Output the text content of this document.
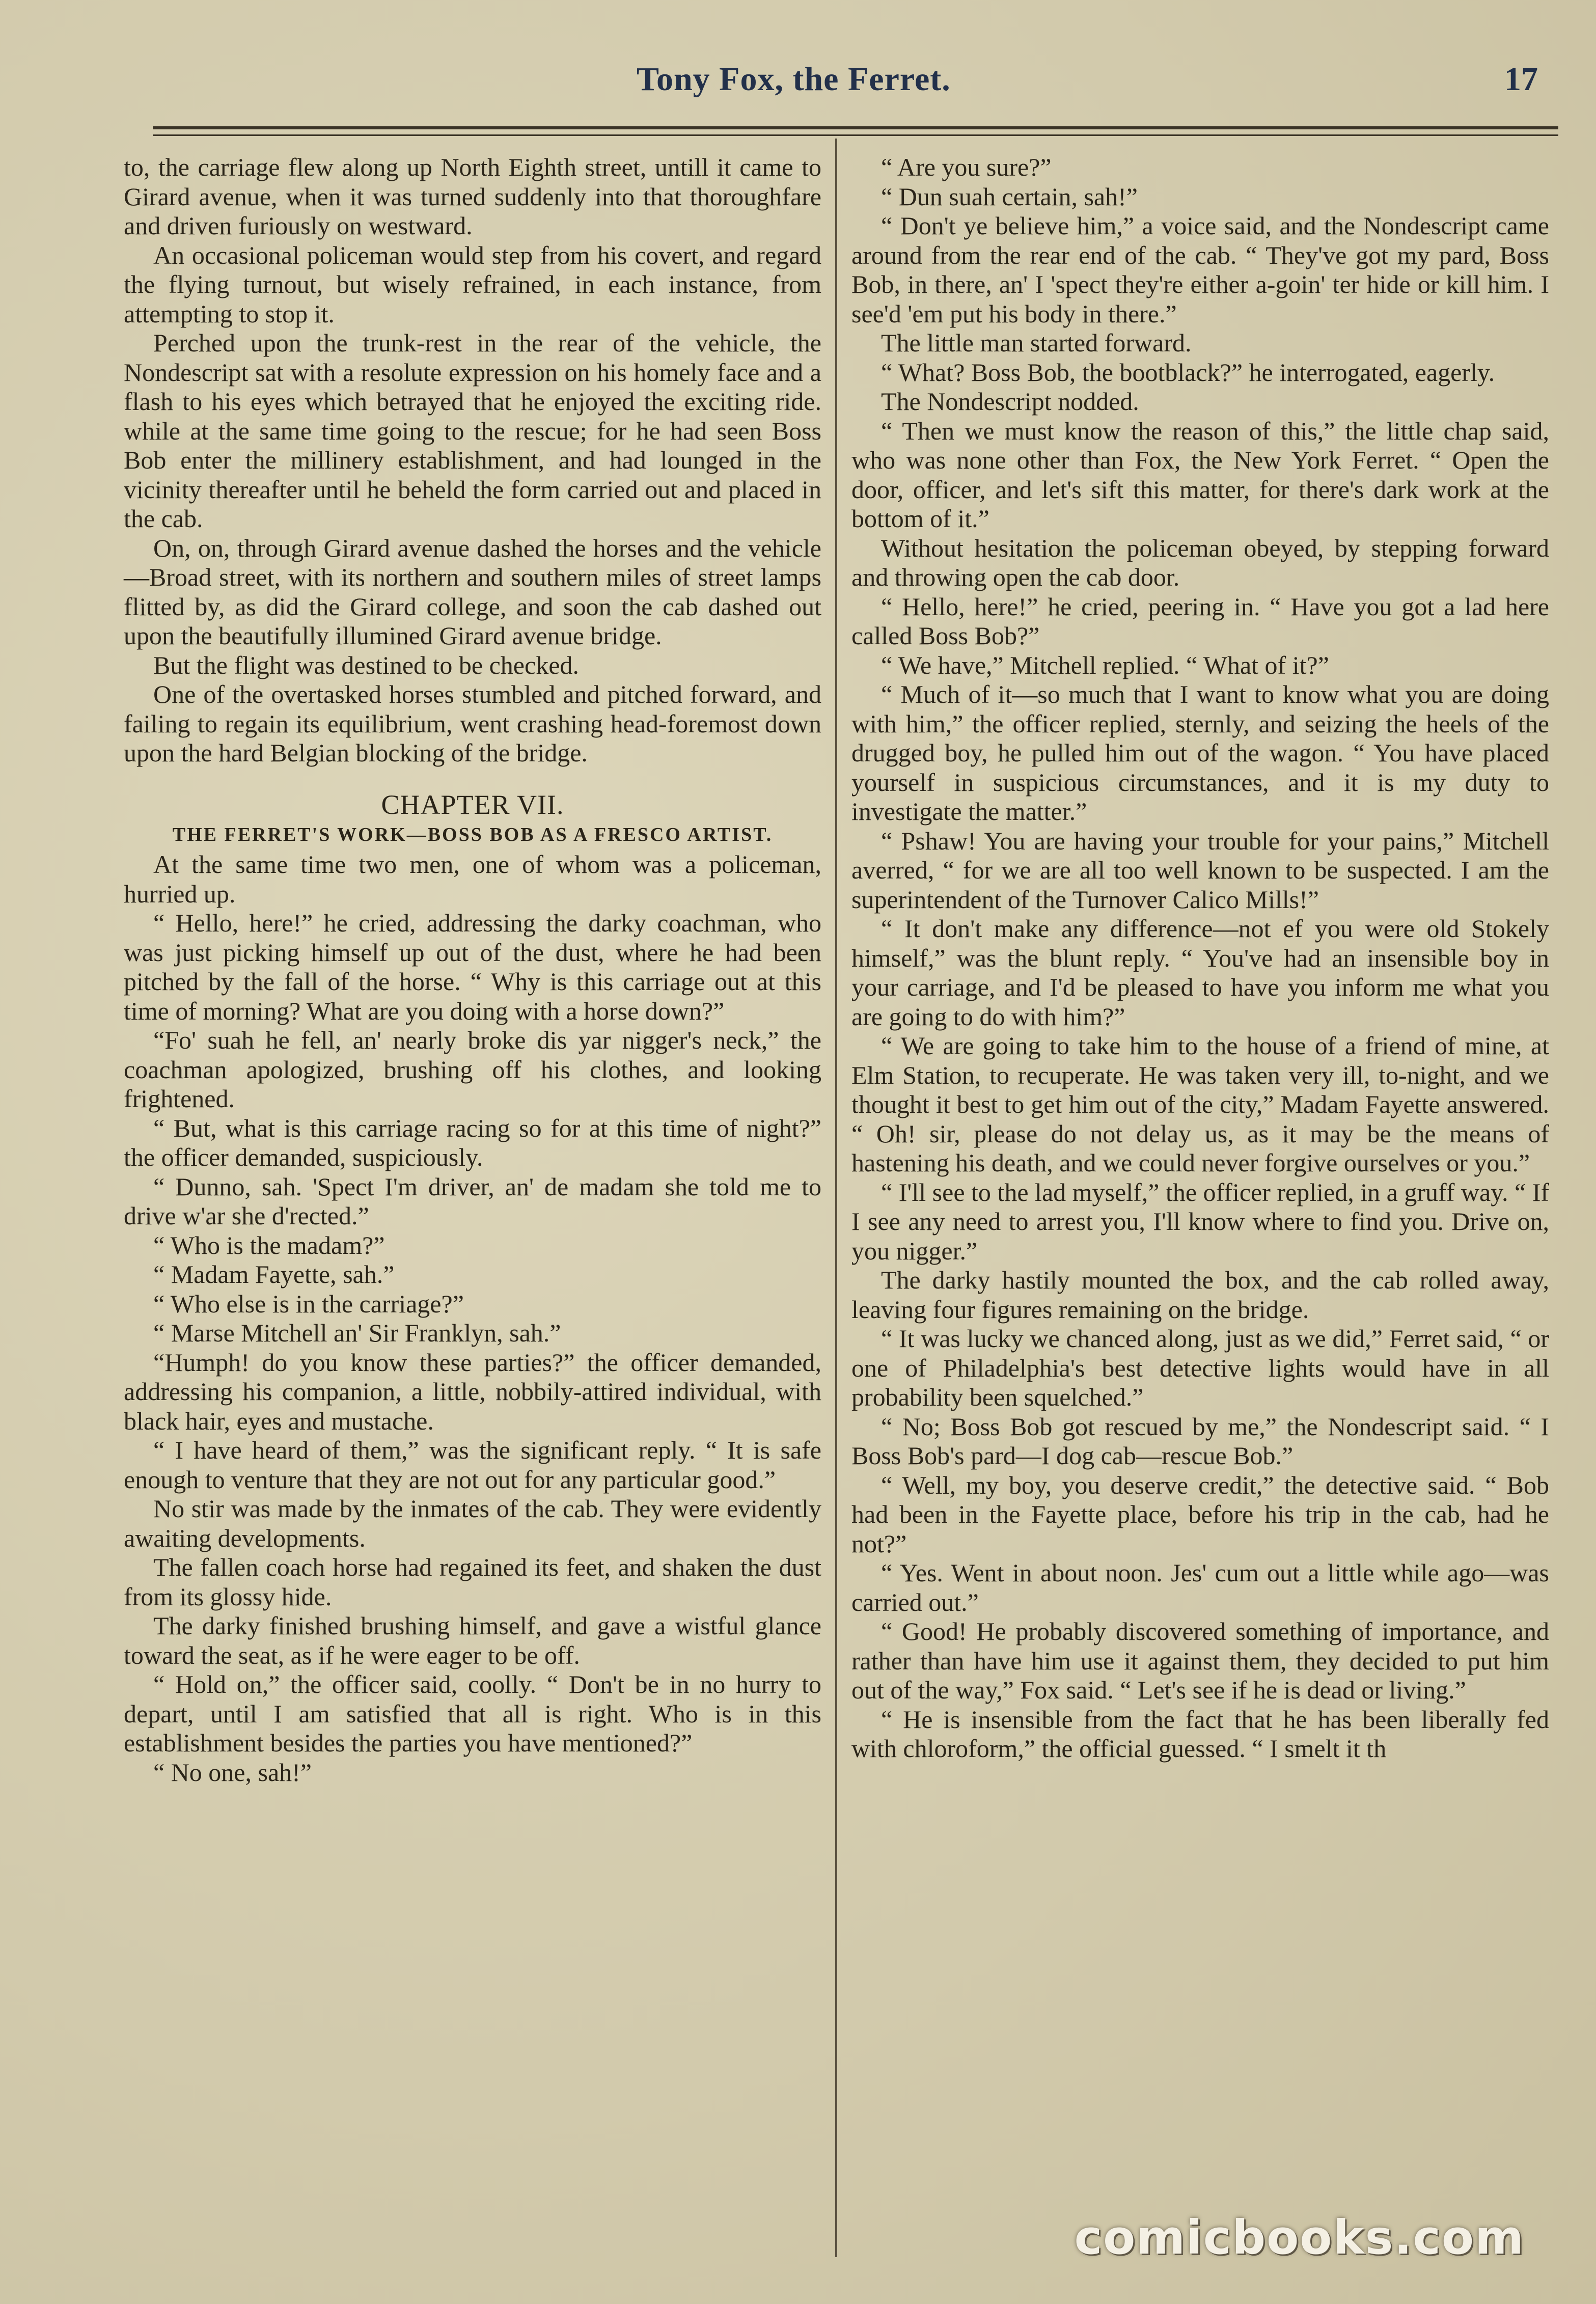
Tony Fox, the Ferret.	17

to, the carriage flew along up North Eighth street, untill it came to Girard avenue, when it was turned suddenly into that thoroughfare and driven furiously on westward.

An occasional policeman would step from his covert, and regard the flying turnout, but wisely refrained, in each instance, from attempting to stop it.

Perched upon the trunk-rest in the rear of the vehicle, the Nondescript sat with a resolute expression on his homely face and a flash to his eyes which betrayed that he enjoyed the exciting ride. while at the same time going to the rescue; for he had seen Boss Bob enter the millinery establishment, and had lounged in the vicinity thereafter until he beheld the form carried out and placed in the cab.

On, on, through Girard avenue dashed the horses and the vehicle—Broad street, with its northern and southern miles of street lamps flitted by, as did the Girard college, and soon the cab dashed out upon the beautifully illumined Girard avenue bridge.

But the flight was destined to be checked.

One of the overtasked horses stumbled and pitched forward, and failing to regain its equilibrium, went crashing head-foremost down upon the hard Belgian blocking of the bridge.

CHAPTER VII.
THE FERRET'S WORK—BOSS BOB AS A FRESCO ARTIST.

At the same time two men, one of whom was a policeman, hurried up.

“ Hello, here!” he cried, addressing the darky coachman, who was just picking himself up out of the dust, where he had been pitched by the fall of the horse. “ Why is this carriage out at this time of morning? What are you doing with a horse down?”

“Fo' suah he fell, an' nearly broke dis yar nigger's neck,” the coachman apologized, brushing off his clothes, and looking frightened.

“ But, what is this carriage racing so for at this time of night?” the officer demanded, suspiciously.

“ Dunno, sah. 'Spect I'm driver, an' de madam she told me to drive w'ar she d'rected.”

“ Who is the madam?”

“ Madam Fayette, sah.”

“ Who else is in the carriage?”

“ Marse Mitchell an' Sir Franklyn, sah.”

“Humph! do you know these parties?” the officer demanded, addressing his companion, a little, nobbily-attired individual, with black hair, eyes and mustache.

“ I have heard of them,” was the significant reply. “ It is safe enough to venture that they are not out for any particular good.”

No stir was made by the inmates of the cab. They were evidently awaiting developments.

The fallen coach horse had regained its feet, and shaken the dust from its glossy hide.

The darky finished brushing himself, and gave a wistful glance toward the seat, as if he were eager to be off.

“ Hold on,” the officer said, coolly. “ Don't be in no hurry to depart, until I am satisfied that all is right. Who is in this establishment besides the parties you have mentioned?”

“ No one, sah!”

“ Are you sure?”

“ Dun suah certain, sah!”

“ Don't ye believe him,” a voice said, and the Nondescript came around from the rear end of the cab. “ They've got my pard, Boss Bob, in there, an' I 'spect they're either a-goin' ter hide or kill him. I see'd 'em put his body in there.”

The little man started forward.

“ What? Boss Bob, the bootblack?” he interrogated, eagerly.

The Nondescript nodded.

“ Then we must know the reason of this,” the little chap said, who was none other than Fox, the New York Ferret. “ Open the door, officer, and let's sift this matter, for there's dark work at the bottom of it.”

Without hesitation the policeman obeyed, by stepping forward and throwing open the cab door.

“ Hello, here!” he cried, peering in. “ Have you got a lad here called Boss Bob?”

“ We have,” Mitchell replied. “ What of it?”

“ Much of it—so much that I want to know what you are doing with him,” the officer replied, sternly, and seizing the heels of the drugged boy, he pulled him out of the wagon. “ You have placed yourself in suspicious circumstances, and it is my duty to investigate the matter.”

“ Pshaw! You are having your trouble for your pains,” Mitchell averred, “ for we are all too well known to be suspected. I am the superintendent of the Turnover Calico Mills!”

“ It don't make any difference—not ef you were old Stokely himself,” was the blunt reply. “ You've had an insensible boy in your carriage, and I'd be pleased to have you inform me what you are going to do with him?”

“ We are going to take him to the house of a friend of mine, at Elm Station, to recuperate. He was taken very ill, to-night, and we thought it best to get him out of the city,” Madam Fayette answered. “ Oh! sir, please do not delay us, as it may be the means of hastening his death, and we could never forgive ourselves or you.”

“ I'll see to the lad myself,” the officer replied, in a gruff way. “ If I see any need to arrest you, I'll know where to find you. Drive on, you nigger.”

The darky hastily mounted the box, and the cab rolled away, leaving four figures remaining on the bridge.

“ It was lucky we chanced along, just as we did,” Ferret said, “ or one of Philadelphia's best detective lights would have in all probability been squelched.”

“ No; Boss Bob got rescued by me,” the Nondescript said. “ I Boss Bob's pard—I dog cab—rescue Bob.”

“ Well, my boy, you deserve credit,” the detective said. “ Bob had been in the Fayette place, before his trip in the cab, had he not?”

“ Yes. Went in about noon. Jes' cum out a little while ago—was carried out.”

“ Good! He probably discovered something of importance, and rather than have him use it against them, they decided to put him out of the way,” Fox said. “ Let's see if he is dead or living.”

“ He is insensible from the fact that he has been liberally fed with chloroform,” the official guessed. “ I smelt it th

comicbooks.com
